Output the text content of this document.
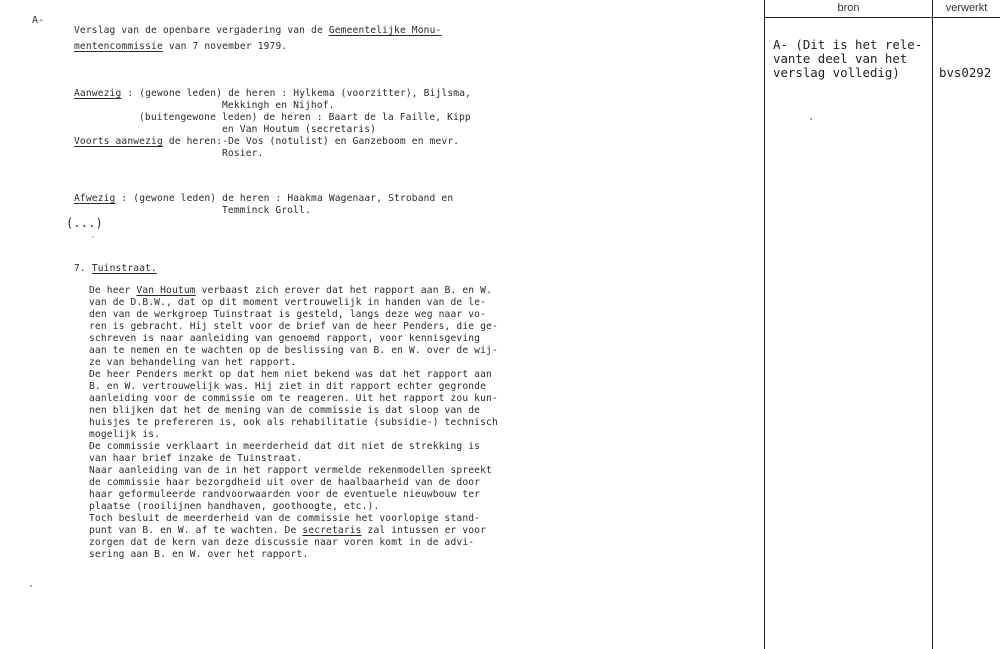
A-
Verslag van de openbare vergadering van de Gemeentelijke Monu-
mentencommissie van 7 november 1979.
Aanwezig : (gewone leden) de heren : Hylkema (voorzitter), Bijlsma,
Mekkingh en Nijhof.
(buitengewone leden) de heren : Baart de la Faille, Kipp
en Van Houtum (secretaris)
Voorts aanwezig de heren:-De Vos (notulist) en Ganzeboom en mevr.
Rosier.
Afwezig : (gewone leden) de heren : Haakma Wagenaar, Stroband en
Temminck Groll.
(...)
7. Tuinstraat.
De heer Van Houtum verbaast zich erover dat het rapport aan B. en W.
van de D.B.W., dat op dit moment vertrouwelijk in handen van de le-
den van de werkgroep Tuinstraat is gesteld, langs deze weg naar vo-
ren is gebracht. Hij stelt voor de brief van de heer Penders, die ge-
schreven is naar aanleiding van genoemd rapport, voor kennisgeving
aan te nemen en te wachten op de beslissing van B. en W. over de wij-
ze van behandeling van het rapport.
De heer Penders merkt op dat hem niet bekend was dat het rapport aan
B. en W. vertrouwelijk was. Hij ziet in dit rapport echter gegronde
aanleiding voor de commissie om te reageren. Uit het rapport zou kun-
nen blijken dat het de mening van de commissie is dat sloop van de
huisjes te prefereren is, ook als rehabilitatie (subsidie-) technisch
mogelijk is.
De commissie verklaart in meerderheid dat dit niet de strekking is
van haar brief inzake de Tuinstraat.
Naar aanleiding van de in het rapport vermelde rekenmodellen spreekt
de commissie haar bezorgdheid uit over de haalbaarheid van de door
haar geformuleerde randvoorwaarden voor de eventuele nieuwbouw ter
plaatse (rooilijnen handhaven, goothoogte, etc.).
Toch besluit de meerderheid van de commissie het voorlopige stand-
punt van B. en W. af te wachten. De secretaris zal intussen er voor
zorgen dat de kern van deze discussie naar voren komt in de advi-
sering aan B. en W. over het rapport.
bron	verwerkt
A- (Dit is het rele-
vante deel van het
verslag volledig)	bvs0292
